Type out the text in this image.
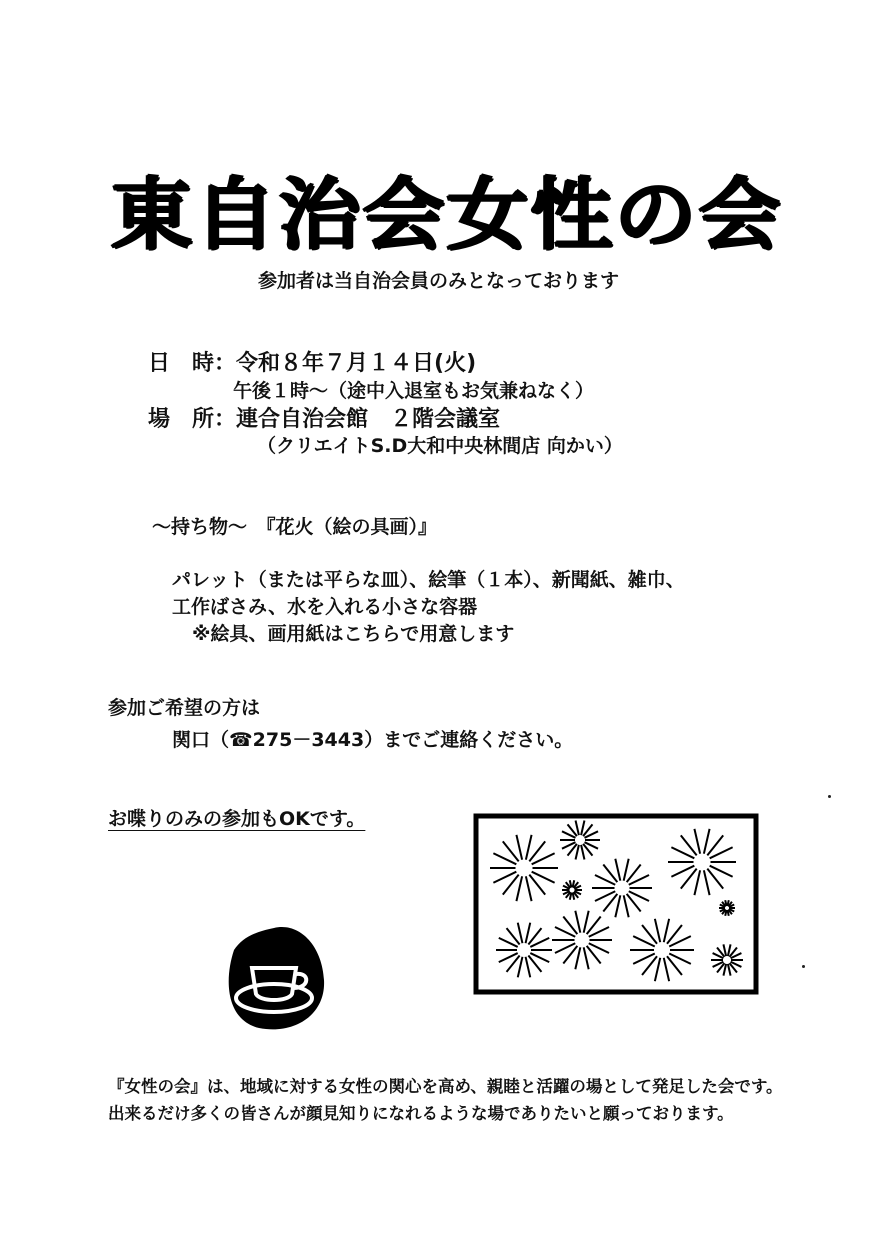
東自治会女性の会
参加者は当自治会員のみとなっております
日　時：令和８年７月１４日(火)
午後１時～（途中入退室もお気兼ねなく）
場　所：連合自治会館　２階会議室
（クリエイトS.D大和中央林間店 向かい）
～持ち物～　『花火（絵の具画）』
パレット（または平らな皿）、絵筆（１本）、新聞紙、雑巾、
工作ばさみ、水を入れる小さな容器
※絵具、画用紙はこちらで用意します
参加ご希望の方は
関口（☎275－3443）までご連絡ください。
お喋りのみの参加もOKです。
『女性の会』は、地域に対する女性の関心を高め、親睦と活躍の場として発足した会です。出来るだけ多くの皆さんが顔見知りになれるような場でありたいと願っております。
